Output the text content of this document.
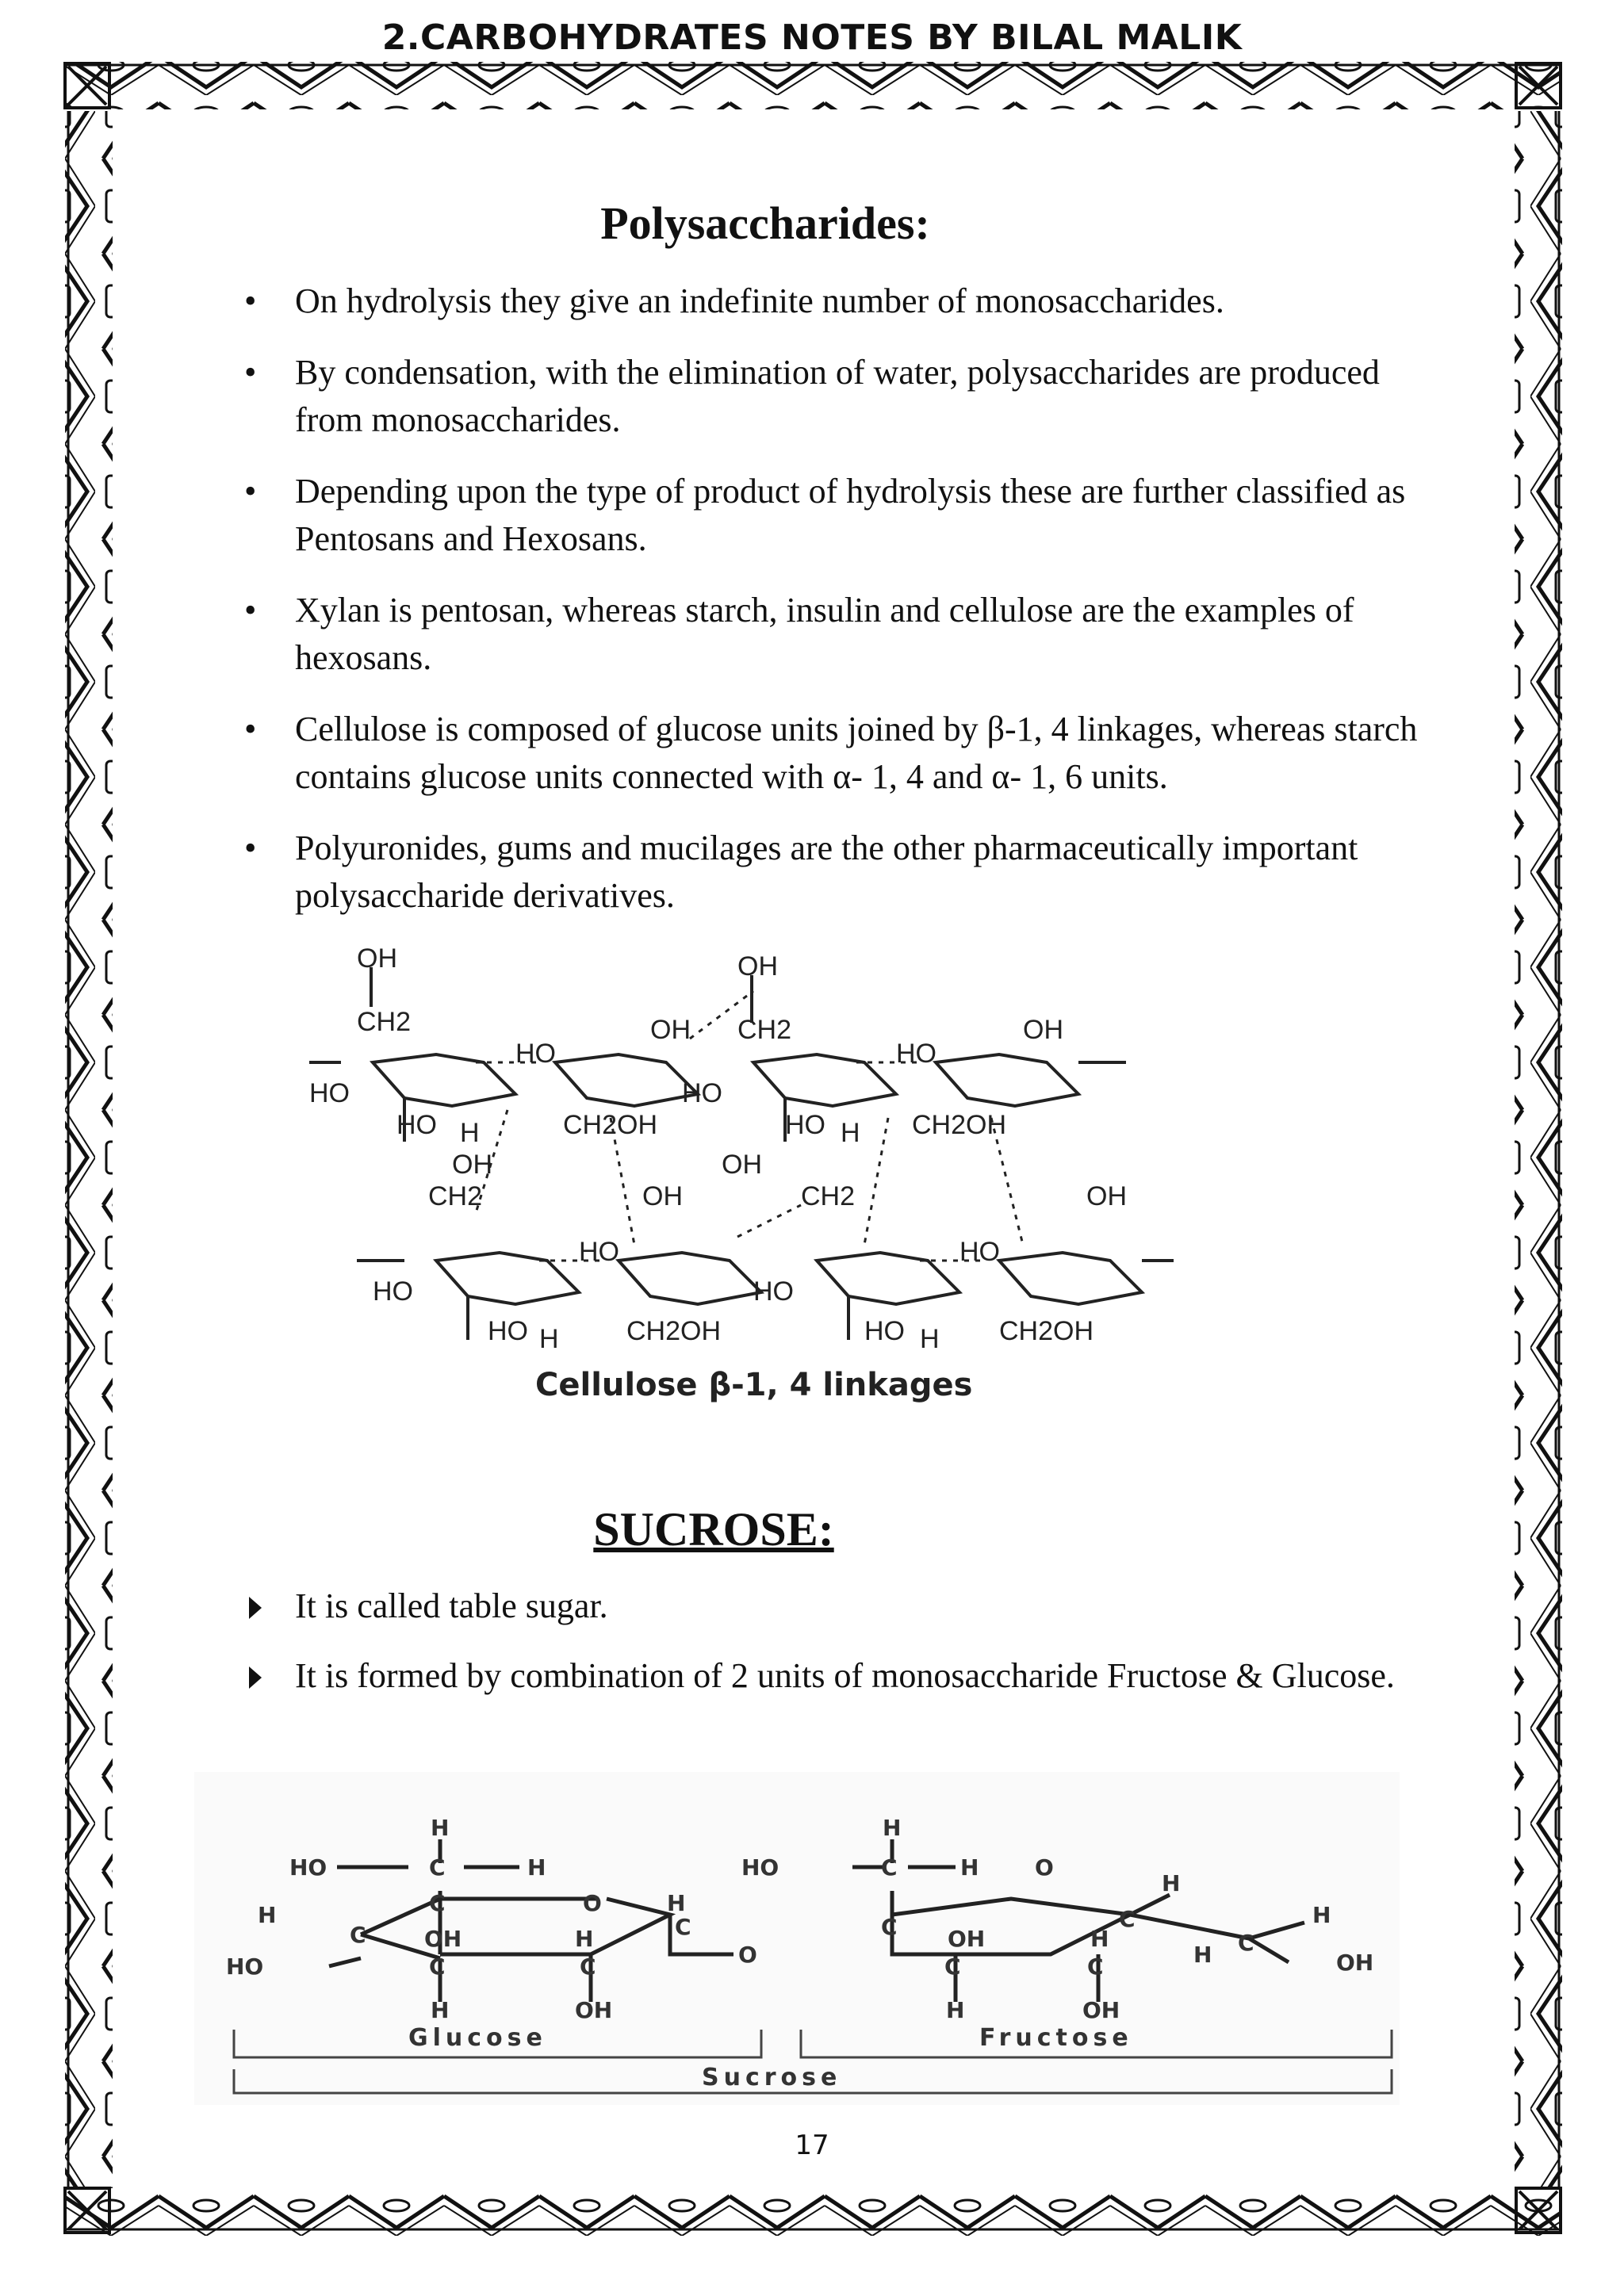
2.CARBOHYDRATES NOTES BY BILAL MALIK
Polysaccharides:
• On hydrolysis they give an indefinite number of monosaccharides.
• By condensation, with the elimination of water, polysaccharides are produced from monosaccharides.
• Depending upon the type of product of hydrolysis these are further classified as Pentosans and Hexosans.
• Xylan is pentosan, whereas starch, insulin and cellulose are the examples of hexosans.
• Cellulose is composed of glucose units joined by β-1, 4 linkages, whereas starch contains glucose units connected with α- 1, 4 and α- 1, 6 units.
• Polyuronides, gums and mucilages are the other pharmaceutically important polysaccharide derivatives.
OH
CH2
OH
CH2
OH	OH
HO
HO
HO
HO
HO H	CH2OH	HO H CH2OH
OH
CH2
OH
CH2
OH	OH
HO
HO
HO
HO
HO H	CH2OH	HO H CH2OH
Cellulose β-1, 4 linkages
SUCROSE:
It is called table sugar.
It is formed by combination of 2 units of monosaccharide Fructose & Glucose.
H
HO	C	H
H	C	O	H
C	OH	H	C
HO	C	C	O
H	OH
H
HO	C	H	O
C OH	H
H
C	H
C	C	H C
OH
H	OH
Glucose	Fructose
Sucrose
17
